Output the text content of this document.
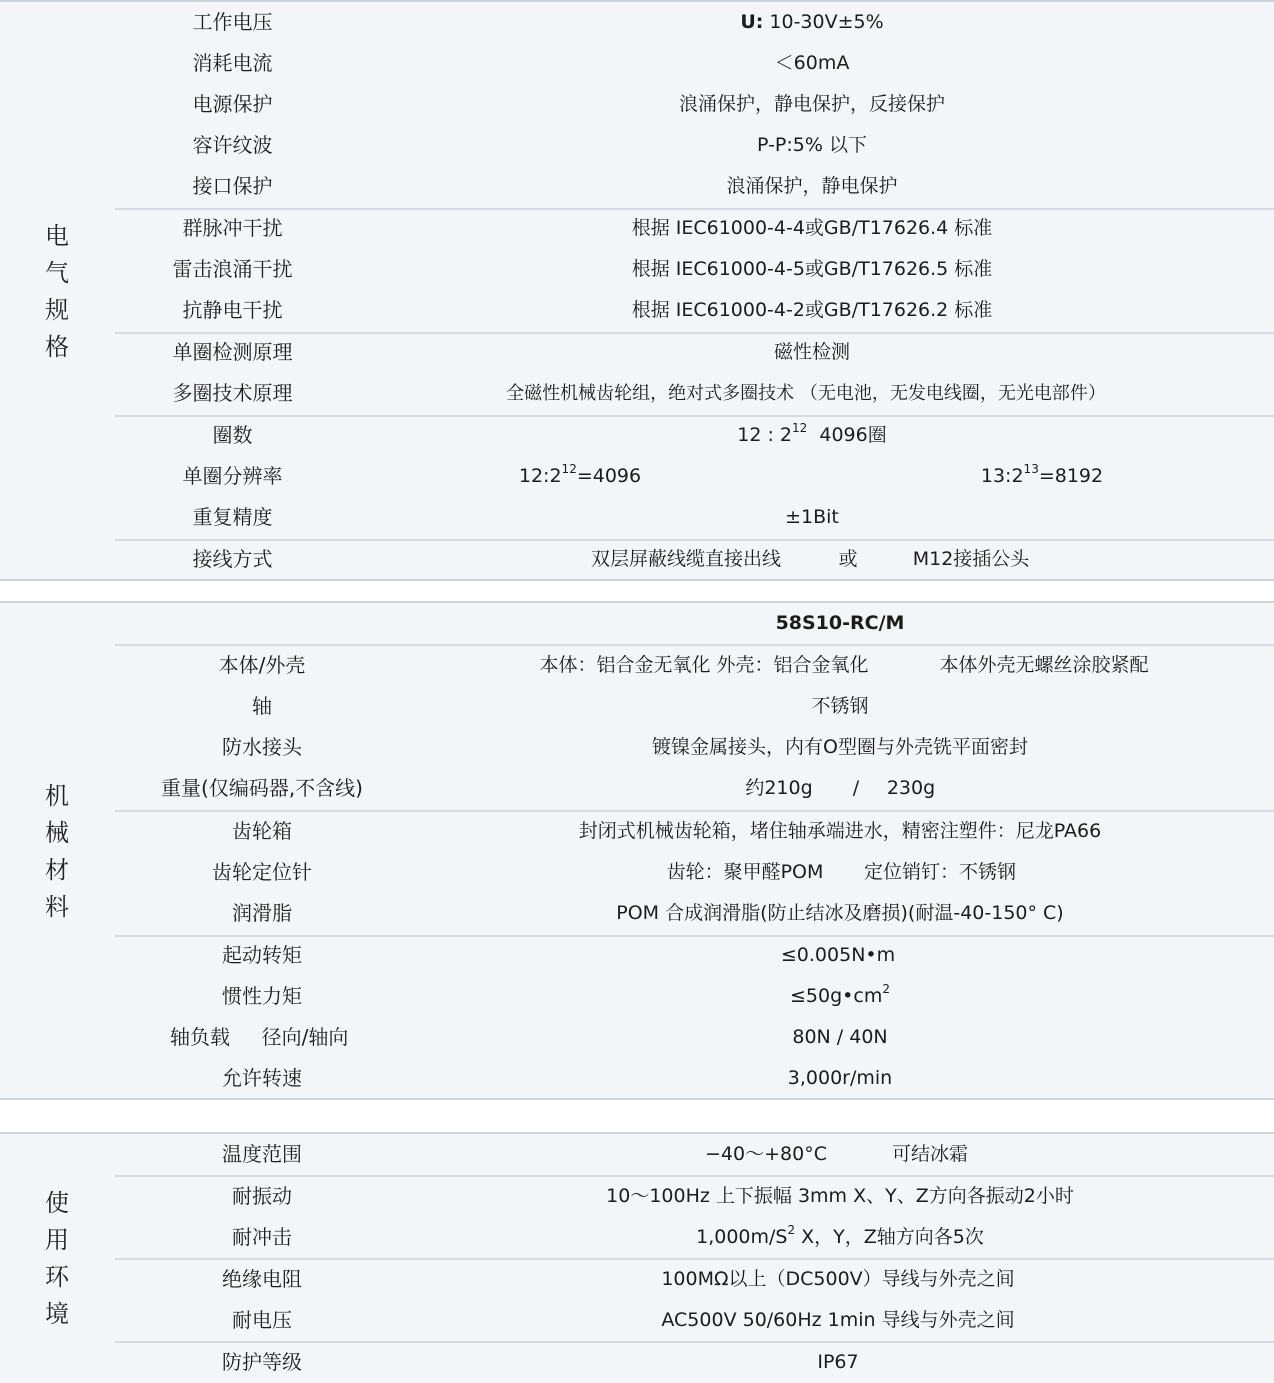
电
气
规
格
工作电压	U: 10-30V±5%
消耗电流	＜60mA
电源保护	浪涌保护，静电保护，反接保护
容许纹波	P-P:5% 以下
接口保护	浪涌保护，静电保护
群脉冲干扰	根据 IEC61000-4-4或GB/T17626.4 标准
雷击浪涌干扰	根据 IEC61000-4-5或GB/T17626.5 标准
抗静电干扰	根据 IEC61000-4-2或GB/T17626.2 标准
单圈检测原理	磁性检测
多圈技术原理	全磁性机械齿轮组，绝对式多圈技术 （无电池，无发电线圈，无光电部件）
圈数	12 : $2^{12}$ 4096圈
单圈分辨率	$12:2^{12}=4096$	$13:2^{13}=8192$
重复精度	±1Bit
接线方式	双层屏蔽线缆直接出线	或	M12接插公头
机
械
材
料
58S10-RC/M
本体/外壳	本体：铝合金无氧化 外壳：铝合金氧化	本体外壳无螺丝涂胶紧配
轴	不锈钢
防水接头	镀镍金属接头，内有O型圈与外壳铣平面密封
重量(仅编码器,不含线)	约210g / 230g
齿轮箱	封闭式机械齿轮箱，堵住轴承端进水，精密注塑件：尼龙PA66
齿轮定位针	齿轮：聚甲醛POM 定位销钉：不锈钢
润滑脂	POM 合成润滑脂(防止结冰及磨损)(耐温-40-150° C)
起动转矩	≤0.005N•m
惯性力矩	$\le 50g•cm^2$
轴负载	径向/轴向	80N / 40N
允许转速	3,000r/min
使
用
环
境
温度范围	−40～+80°C	可结冰霜
耐振动	10～100Hz 上下振幅 3mm X、Y、Z方向各振动2小时
耐冲击	$1,000m/S^2$ X，Y，Z轴方向各5次
绝缘电阻	100MΩ以上（DC500V）导线与外壳之间
耐电压	AC500V 50/60Hz 1min 导线与外壳之间
防护等级	IP67
